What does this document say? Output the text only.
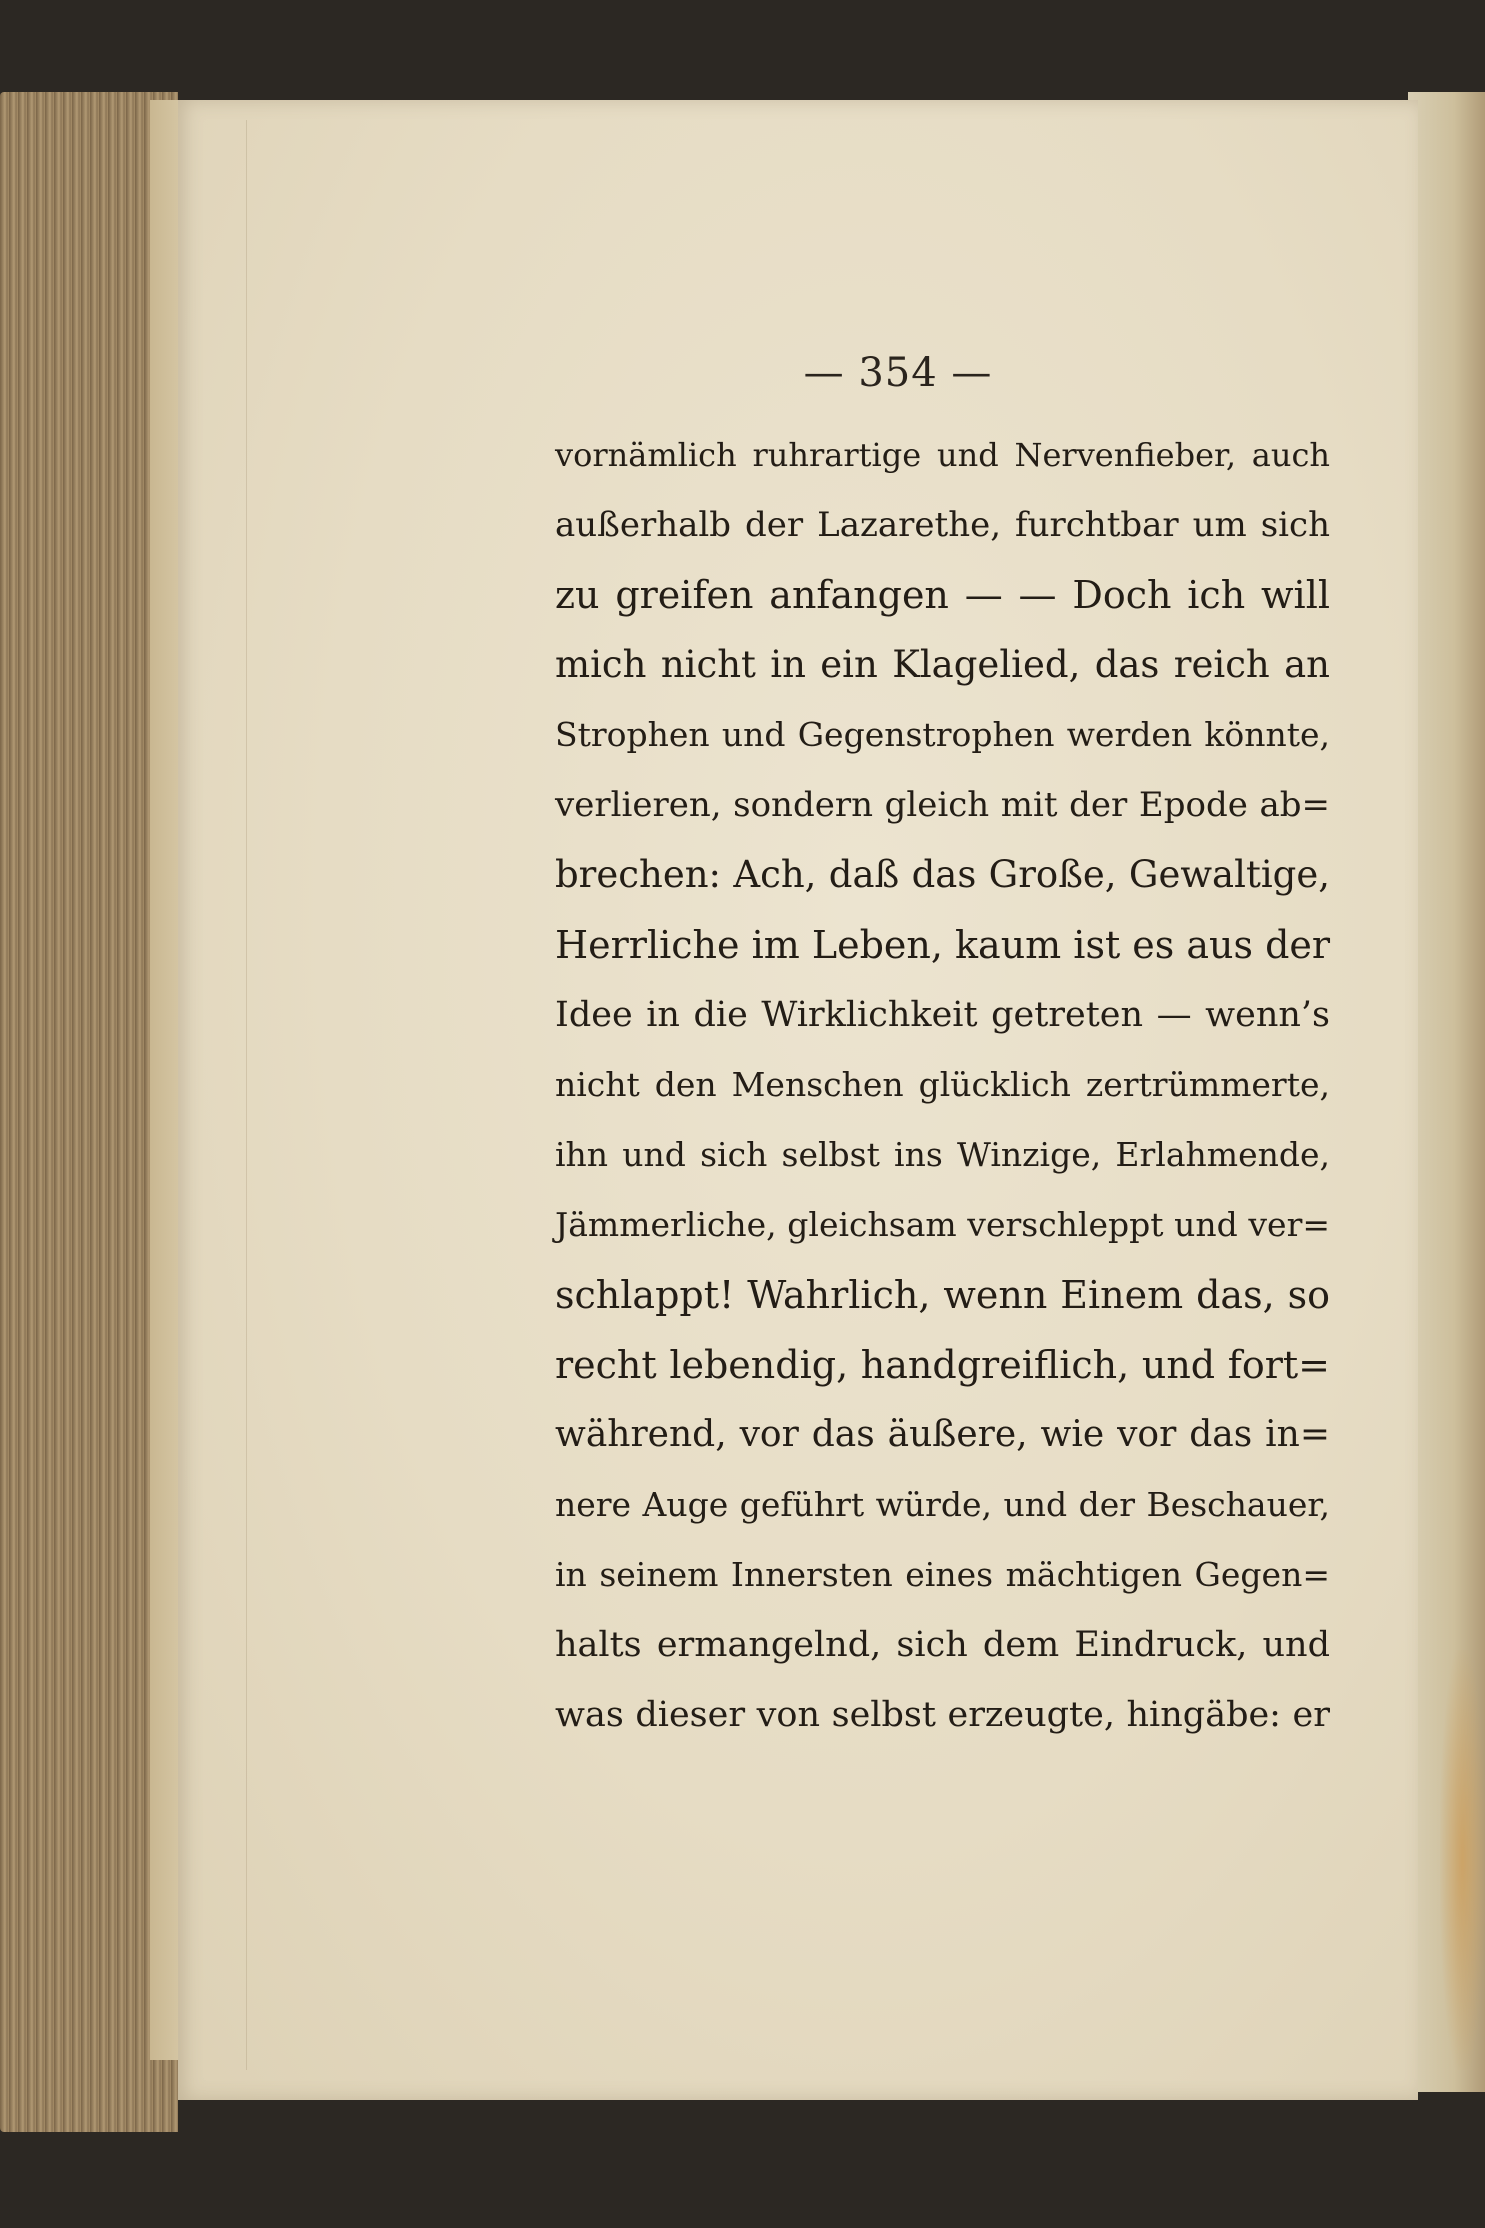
— 354 —
vornämlich ruhrartige und Nervenfieber, auch
außerhalb der Lazarethe, furchtbar um sich
zu greifen anfangen — — Doch ich will
mich nicht in ein Klagelied, das reich an
Strophen und Gegenstrophen werden könnte,
verlieren, sondern gleich mit der Epode ab=
brechen: Ach, daß das Große, Gewaltige,
Herrliche im Leben, kaum ist es aus der
Idee in die Wirklichkeit getreten — wenn’s
nicht den Menschen glücklich zertrümmerte,
ihn und sich selbst ins Winzige, Erlahmende,
Jämmerliche, gleichsam verschleppt und ver=
schlappt! Wahrlich, wenn Einem das, so
recht lebendig, handgreiflich, und fort=
während, vor das äußere, wie vor das in=
nere Auge geführt würde, und der Beschauer,
in seinem Innersten eines mächtigen Gegen=
halts ermangelnd, sich dem Eindruck, und
was dieser von selbst erzeugte, hingäbe: er
